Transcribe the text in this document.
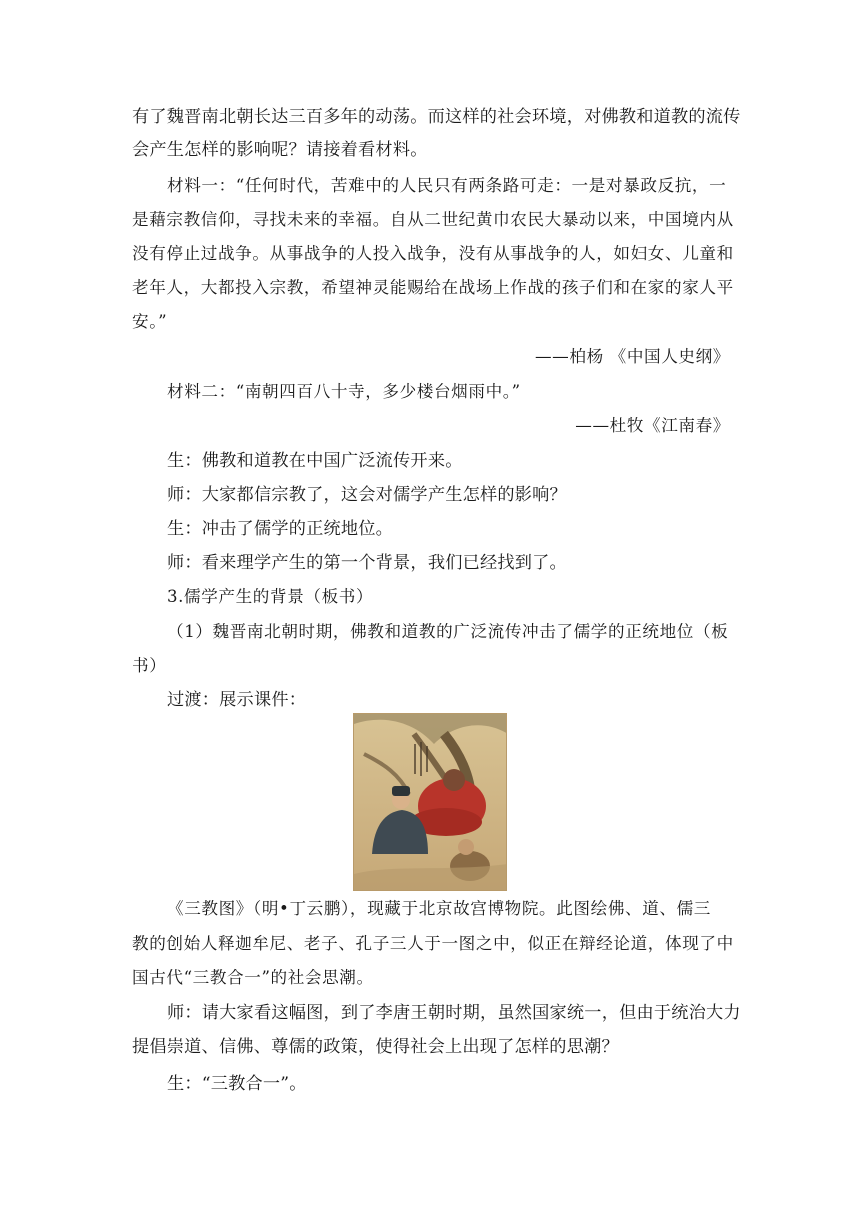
有了魏晋南北朝长达三百多年的动荡。而这样的社会环境，对佛教和道教的流传
会产生怎样的影响呢？请接着看材料。
材料一：“任何时代，苦难中的人民只有两条路可走：一是对暴政反抗，一
是藉宗教信仰，寻找未来的幸福。自从二世纪黄巾农民大暴动以来，中国境内从
没有停止过战争。从事战争的人投入战争，没有从事战争的人，如妇女、儿童和
老年人，大都投入宗教，希望神灵能赐给在战场上作战的孩子们和在家的家人平
安。”
——柏杨 《中国人史纲》
材料二：“南朝四百八十寺，多少楼台烟雨中。”
——杜牧《江南春》
生：佛教和道教在中国广泛流传开来。
师：大家都信宗教了，这会对儒学产生怎样的影响？
生：冲击了儒学的正统地位。
师：看来理学产生的第一个背景，我们已经找到了。
3.儒学产生的背景（板书）
（1）魏晋南北朝时期，佛教和道教的广泛流传冲击了儒学的正统地位（板
书）
过渡：展示课件：
《三教图》（明•丁云鹏），现藏于北京故宫博物院。此图绘佛、道、儒三
教的创始人释迦牟尼、老子、孔子三人于一图之中，似正在辩经论道，体现了中
国古代“三教合一”的社会思潮。
师：请大家看这幅图，到了李唐王朝时期，虽然国家统一，但由于统治大力
提倡崇道、信佛、尊儒的政策，使得社会上出现了怎样的思潮？
生：“三教合一”。
